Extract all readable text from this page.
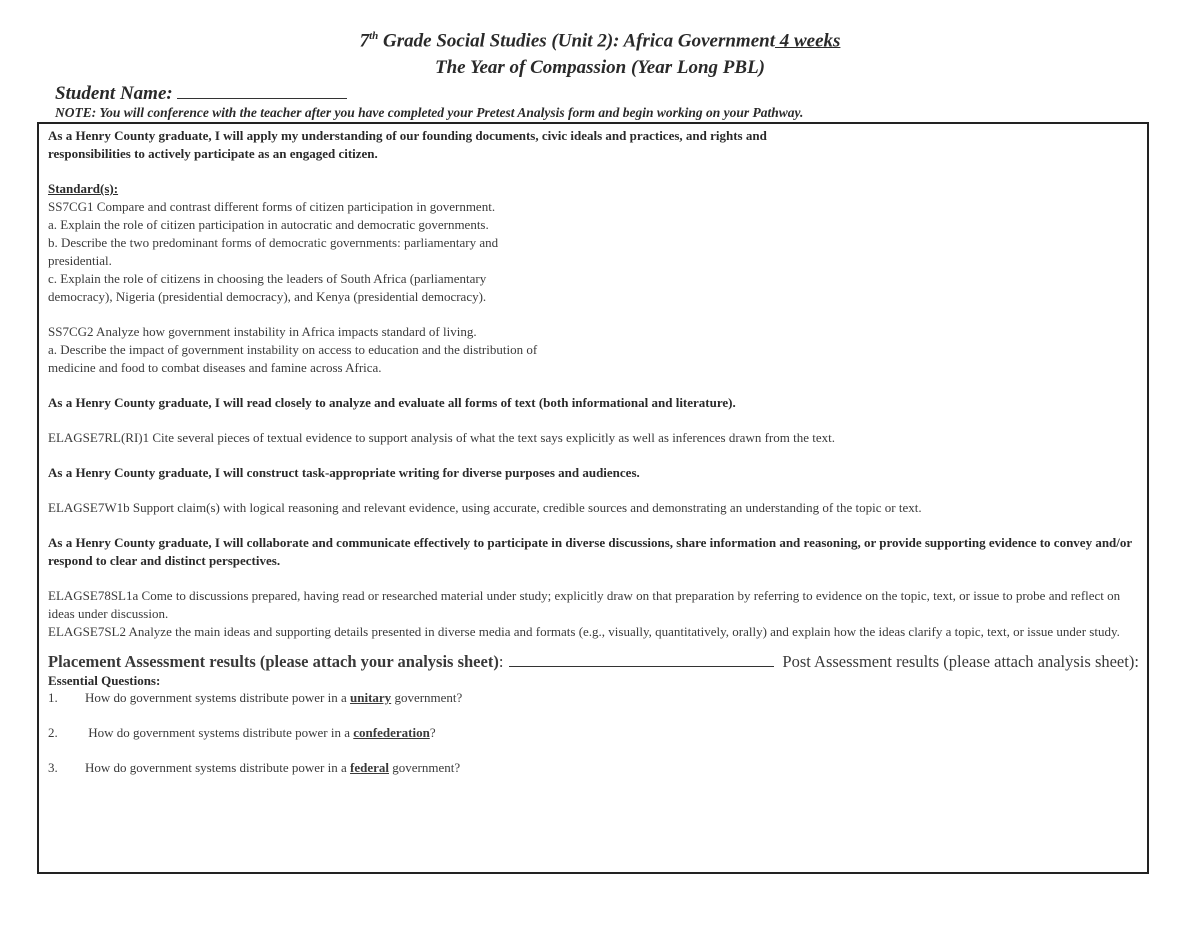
7th Grade Social Studies (Unit 2): Africa Government 4 weeks
The Year of Compassion (Year Long PBL)
Student Name:
NOTE: You will conference with the teacher after you have completed your Pretest Analysis form and begin working on your Pathway.
As a Henry County graduate, I will apply my understanding of our founding documents, civic ideals and practices, and rights and
responsibilities to actively participate as an engaged citizen.
Standard(s):
SS7CG1 Compare and contrast different forms of citizen participation in government.
a. Explain the role of citizen participation in autocratic and democratic governments.
b. Describe the two predominant forms of democratic governments: parliamentary and
presidential.
c. Explain the role of citizens in choosing the leaders of South Africa (parliamentary
democracy), Nigeria (presidential democracy), and Kenya (presidential democracy).
SS7CG2 Analyze how government instability in Africa impacts standard of living.
a. Describe the impact of government instability on access to education and the distribution of
medicine and food to combat diseases and famine across Africa.
As a Henry County graduate, I will read closely to analyze and evaluate all forms of text (both informational and literature).
ELAGSE7RL(RI)1 Cite several pieces of textual evidence to support analysis of what the text says explicitly as well as inferences drawn from the text.
As a Henry County graduate, I will construct task-appropriate writing for diverse purposes and audiences.
ELAGSE7W1b Support claim(s) with logical reasoning and relevant evidence, using accurate, credible sources and demonstrating an understanding of the topic or text.
As a Henry County graduate, I will collaborate and communicate effectively to participate in diverse discussions, share information and reasoning, or provide supporting evidence to convey and/or respond to clear and distinct perspectives.
ELAGSE78SL1a Come to discussions prepared, having read or researched material under study; explicitly draw on that preparation by referring to evidence on the topic, text, or issue to probe and reflect on ideas under discussion.
ELAGSE7SL2 Analyze the main ideas and supporting details presented in diverse media and formats (e.g., visually, quantitatively, orally) and explain how the ideas clarify a topic, text, or issue under study.
Placement Assessment results (please attach your analysis sheet):	Post Assessment results (please attach analysis sheet):
Essential Questions:
1. How do government systems distribute power in a unitary government?
2. How do government systems distribute power in a confederation?
3. How do government systems distribute power in a federal government?
